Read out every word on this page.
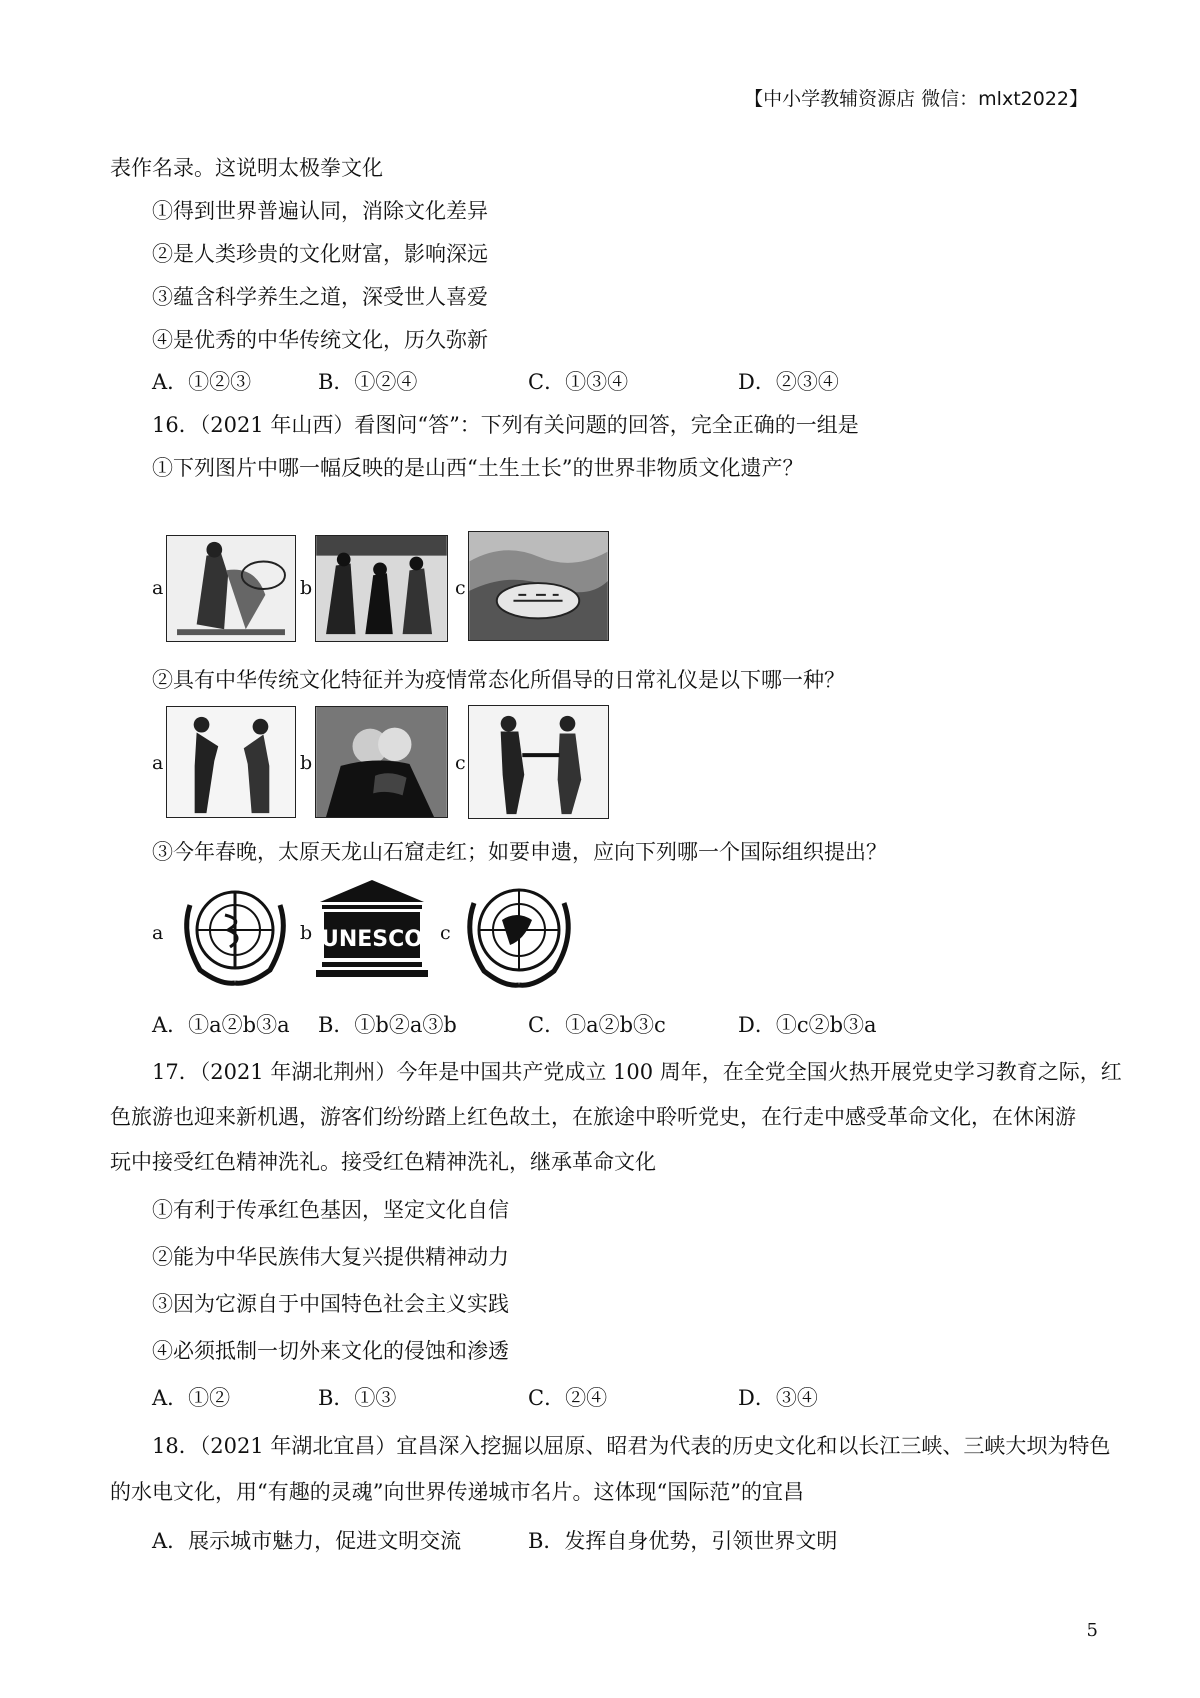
【中小学教辅资源店 微信：mlxt2022】
表作名录。这说明太极拳文化
①得到世界普遍认同，消除文化差异
②是人类珍贵的文化财富，影响深远
③蕴含科学养生之道，深受世人喜爱
④是优秀的中华传统文化，历久弥新
A．①②③	B．①②④	C．①③④	D．②③④
16．（2021 年山西）看图问“答”：下列有关问题的回答，完全正确的一组是
①下列图片中哪一幅反映的是山西“土生土长”的世界非物质文化遗产？
a	b	c
②具有中华传统文化特征并为疫情常态化所倡导的日常礼仪是以下哪一种？
a	b	c
③今年春晚，太原天龙山石窟走红；如要申遗，应向下列哪一个国际组织提出？
a	b UNESCO c
A．①a②b③a B．①b②a③b	C．①a②b③c	D．①c②b③a
17．（2021 年湖北荆州）今年是中国共产党成立 100 周年，在全党全国火热开展党史学习教育之际，红
色旅游也迎来新机遇，游客们纷纷踏上红色故土，在旅途中聆听党史，在行走中感受革命文化，在休闲游
玩中接受红色精神洗礼。接受红色精神洗礼，继承革命文化
①有利于传承红色基因，坚定文化自信
②能为中华民族伟大复兴提供精神动力
③因为它源自于中国特色社会主义实践
④必须抵制一切外来文化的侵蚀和渗透
A．①②	B．①③	C．②④	D．③④
18．（2021 年湖北宜昌）宜昌深入挖掘以屈原、昭君为代表的历史文化和以长江三峡、三峡大坝为特色
的水电文化，用“有趣的灵魂”向世界传递城市名片。这体现“国际范”的宜昌
A．展示城市魅力，促进文明交流	B．发挥自身优势，引领世界文明
5
